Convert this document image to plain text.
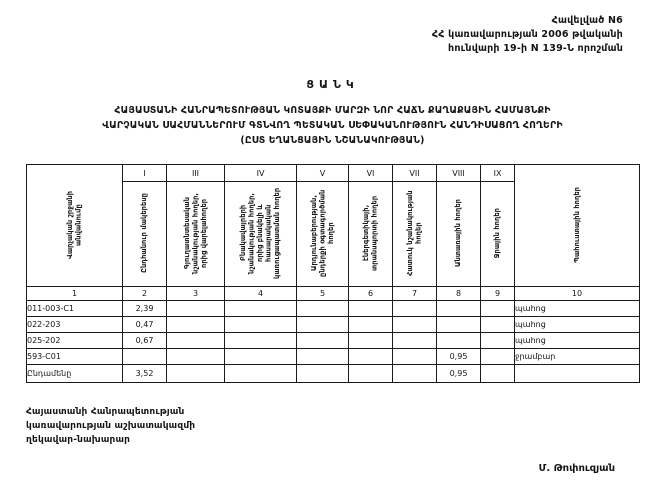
Հավելված N6
ՀՀ կառավարության 2006 թվականի
հունվարի 19-ի N 139-Ն որոշման
ՑԱՆԿ
ՀԱՅԱՍՏԱՆԻ ՀԱՆՐԱՊԵՏՈՒԹՅԱՆ ԿՈՏԱՅՔԻ ՄԱՐԶԻ ՆՈՐ ՀԱՃՆ ՔԱՂԱՔԱՅԻՆ ՀԱՄԱՅՆՔԻ
ՎԱՐՉԱԿԱՆ ՍԱՀՄԱՆՆԵՐՈՒՄ ԳՏՆՎՈՂ ՊԵՏԱԿԱՆ ՍԵՓԱԿԱՆՈՒԹՅՈՒՆ ՀԱՆԴԻՍԱՑՈՂ ՀՈՂԵՐԻ
(ԸՍՏ ԵՂԱՆՑԱՅԻՆ ՆՇԱՆԱԿՈՒԹՅԱՆ)
Վարչական շրջանի անվանումը	I	III	IV	V	VI	VII	VIII	IX	Պահուստային հողեր
	Ընդհանուր մակերեսը	Գյուղատնտեսական նշանակության հողեր, որից վարելահողեր	Բնակավայրերի նշանակության հողեր, որից բնակելի և հասարակական կառուցապատման հողեր	Արդյունաբերության, ընդերքի օգտագործման հողեր	էներգետիկայի, տրանսպորտի հողեր	Հատուկ նշանակության հողեր	Անտառային հողեր	Ջրային հողեր	
1	2	3	4	5	6	7	8	9	10
011-003-C1	2,39								պահոց
022-203	0,47								պահոց
025-202	0,67								պահոց
593-C01							0,95		ջրամբար
Ընդամենը	3,52						0,95		
Հայաստանի Հանրապետության
կառավարության աշխատակազմի
ղեկավար-նախարար
Մ. Թոփուզյան
